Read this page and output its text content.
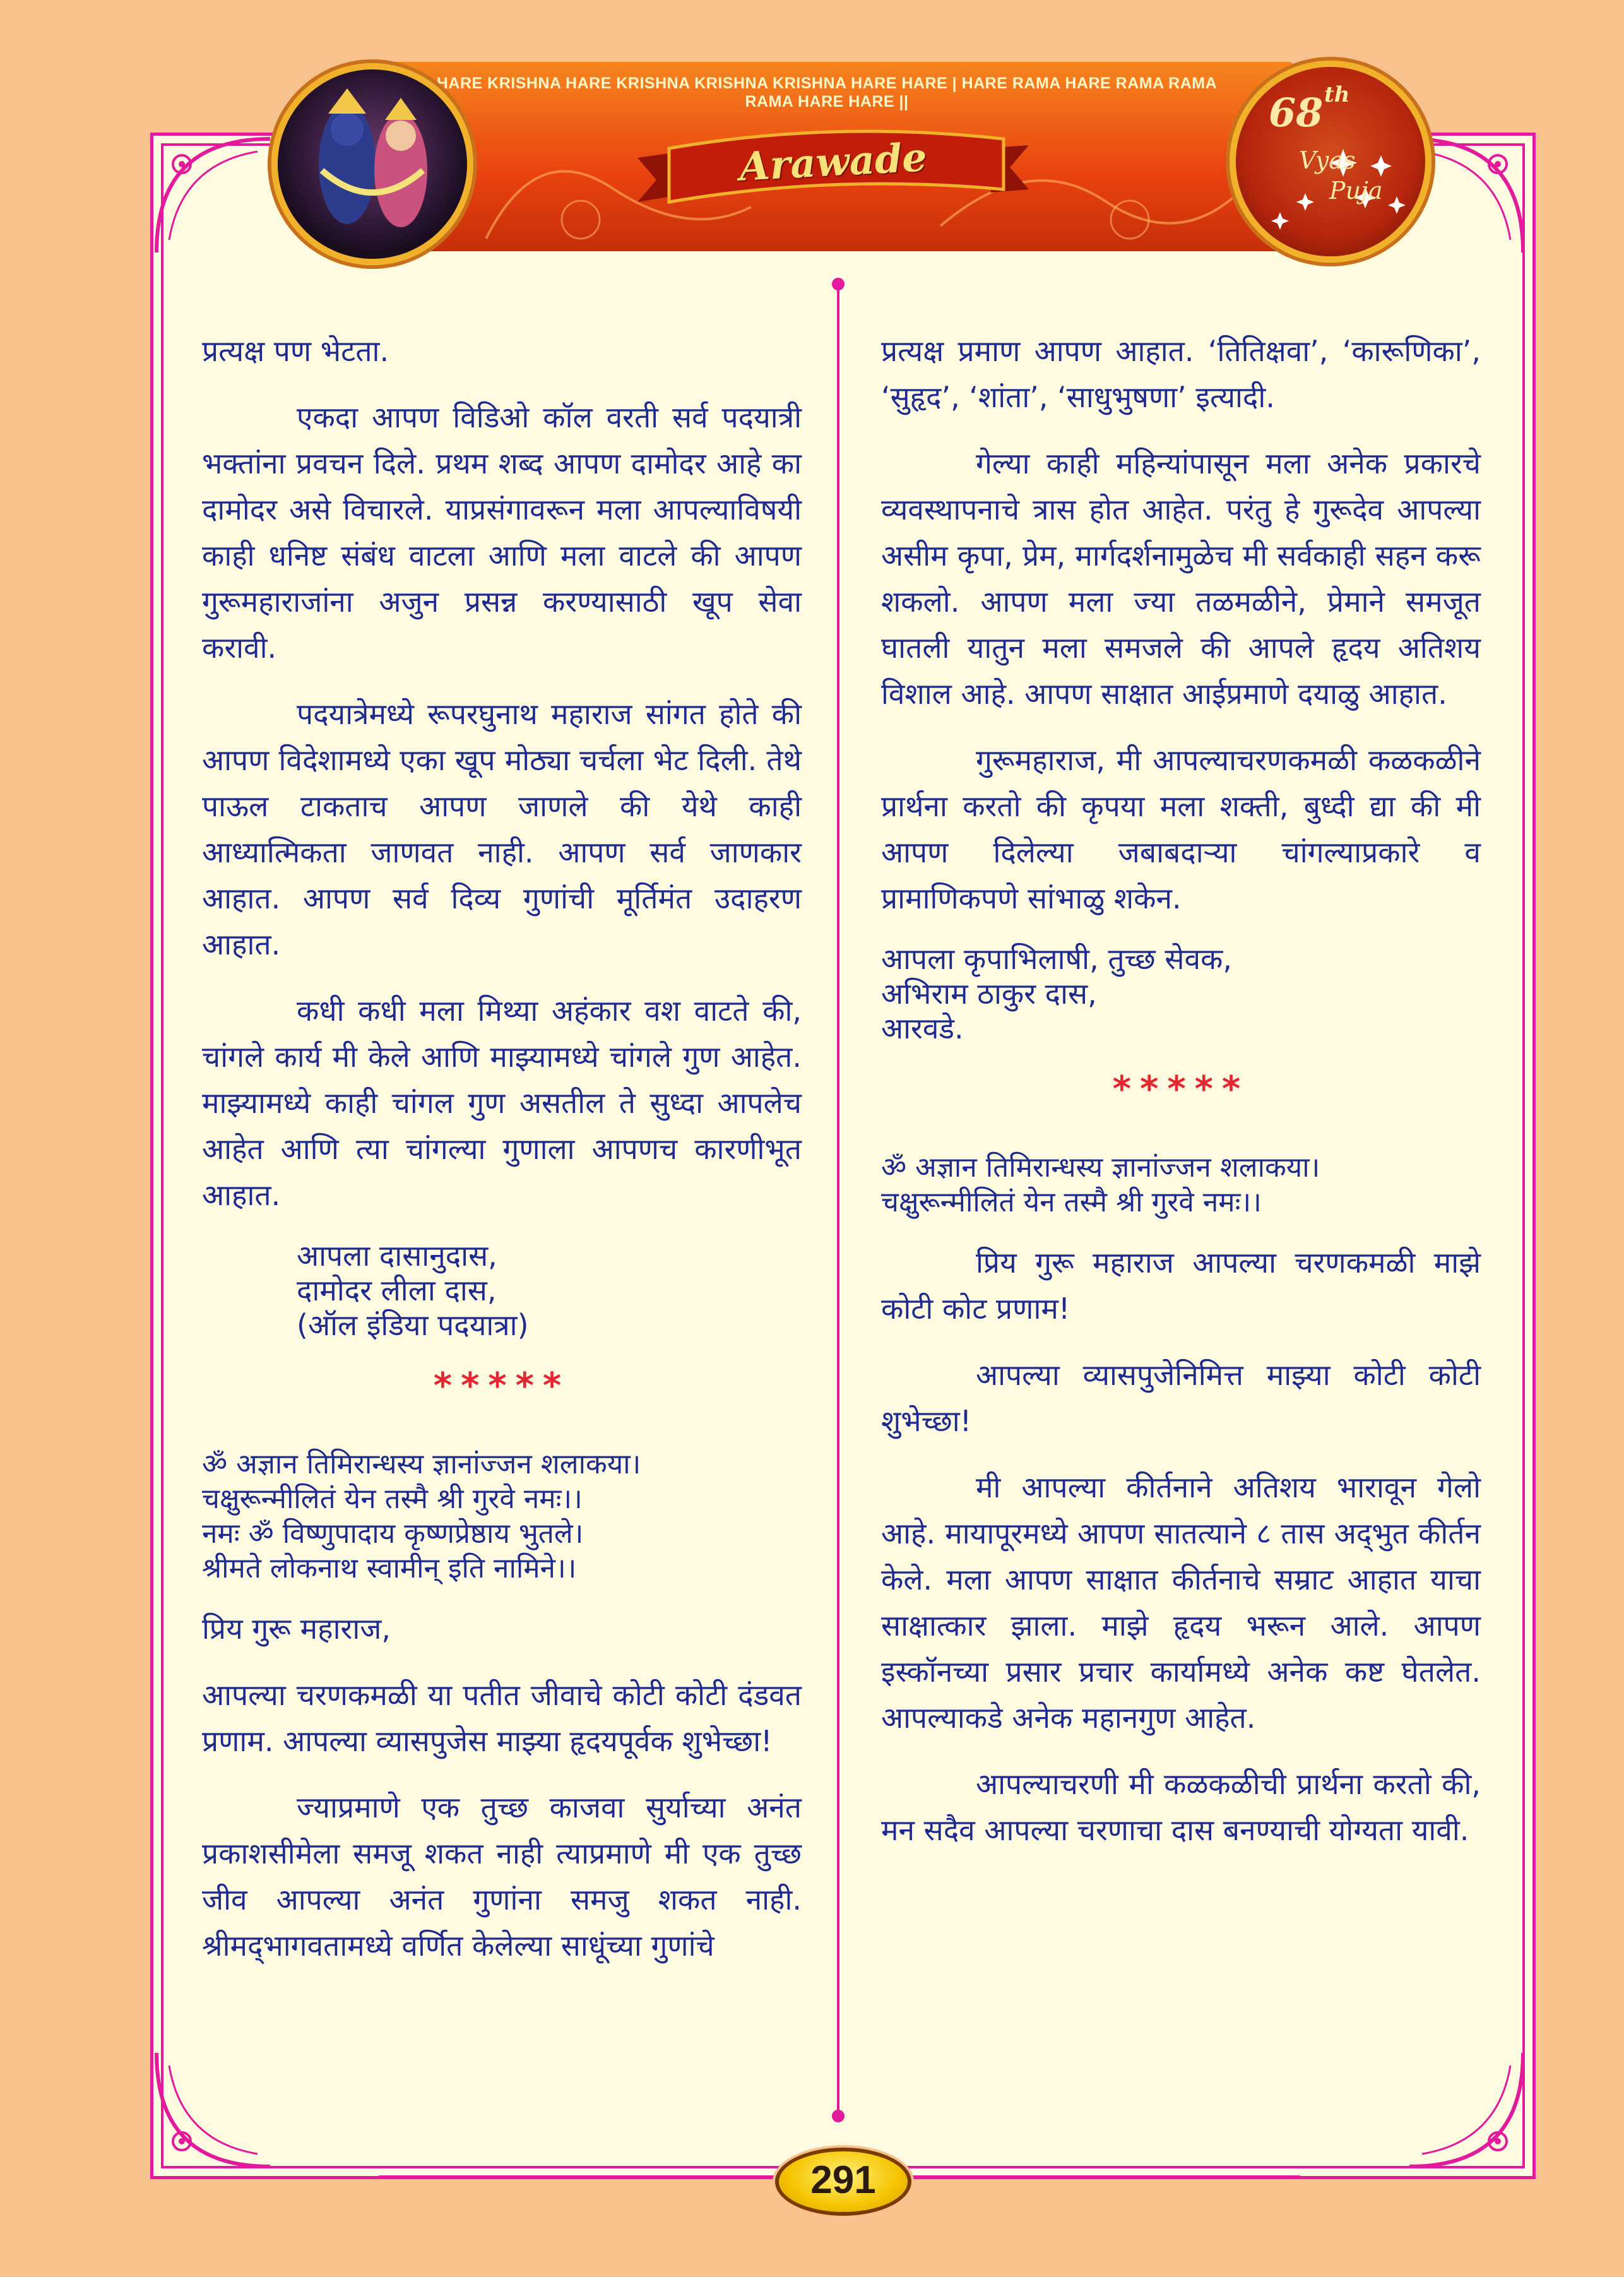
HARE KRISHNA HARE KRISHNA KRISHNA KRISHNA HARE HARE | HARE RAMA HARE RAMA RAMA RAMA HARE HARE ||
Arawade
68 th
Vyas
Puja

प्रत्यक्ष पण भेटता.

एकदा आपण विडिओ कॉल वरती सर्व पदयात्री भक्तांना प्रवचन दिले. प्रथम शब्द आपण दामोदर आहे का दामोदर असे विचारले. याप्रसंगावरून मला आपल्याविषयी काही धनिष्ट संबंध वाटला आणि मला वाटले की आपण गुरूमहाराजांना अजुन प्रसन्न करण्यासाठी खूप सेवा करावी.

पदयात्रेमध्ये रूपरघुनाथ महाराज सांगत होते की आपण विदेशामध्ये एका खूप मोठ्या चर्चला भेट दिली. तेथे पाऊल टाकताच आपण जाणले की येथे काही आध्यात्मिकता जाणवत नाही. आपण सर्व जाणकार आहात. आपण सर्व दिव्य गुणांची मूर्तिमंत उदाहरण आहात.

कधी कधी मला मिथ्या अहंकार वश वाटते की, चांगले कार्य मी केले आणि माझ्यामध्ये चांगले गुण आहेत. माझ्यामध्ये काही चांगल गुण असतील ते सुध्दा आपलेच आहेत आणि त्या चांगल्या गुणाला आपणच कारणीभूत आहात.

आपला दासानुदास,
दामोदर लीला दास,
(ऑल इंडिया पदयात्रा)
*****
ॐ अज्ञान तिमिरान्धस्य ज्ञानांज्जन शलाकया।
चक्षुरून्मीलितं येन तस्मै श्री गुरवे नमः।।
नमः ॐ विष्णुपादाय कृष्णप्रेष्ठाय भुतले।
श्रीमते लोकनाथ स्वामीन् इति नामिने।।

प्रिय गुरू महाराज,

आपल्या चरणकमळी या पतीत जीवाचे कोटी कोटी दंडवत प्रणाम. आपल्या व्यासपुजेस माझ्या हृदयपूर्वक शुभेच्छा!

ज्याप्रमाणे एक तुच्छ काजवा सुर्याच्या अनंत प्रकाशसीमेला समजू शकत नाही त्याप्रमाणे मी एक तुच्छ जीव आपल्या अनंत गुणांना समजु शकत नाही. श्रीमद्‌भागवतामध्ये वर्णित केलेल्या साधूंच्या गुणांचे

प्रत्यक्ष प्रमाण आपण आहात. ‘तितिक्षवा’, ‘कारूणिका’, ‘सुहृद’, ‘शांता’, ‘साधुभुषणा’ इत्यादी.

गेल्या काही महिन्यांपासून मला अनेक प्रकारचे व्यवस्थापनाचे त्रास होत आहेत. परंतु हे गुरूदेव आपल्या असीम कृपा, प्रेम, मार्गदर्शनामुळेच मी सर्वकाही सहन करू शकलो. आपण मला ज्या तळमळीने, प्रेमाने समजूत घातली यातुन मला समजले की आपले हृदय अतिशय विशाल आहे. आपण साक्षात आईप्रमाणे दयाळु आहात.

गुरूमहाराज, मी आपल्याचरणकमळी कळकळीने प्रार्थना करतो की कृपया मला शक्ती, बुध्दी द्या की मी आपण दिलेल्या जबाबदाऱ्या चांगल्याप्रकारे व प्रामाणिकपणे सांभाळु शकेन.

आपला कृपाभिलाषी, तुच्छ सेवक,
अभिराम ठाकुर दास,
आरवडे.
*****
ॐ अज्ञान तिमिरान्धस्य ज्ञानांज्जन शलाकया।
चक्षुरून्मीलितं येन तस्मै श्री गुरवे नमः।।

प्रिय गुरू महाराज आपल्या चरणकमळी माझे कोटी कोट प्रणाम!

आपल्या व्यासपुजेनिमित्त माझ्या कोटी कोटी शुभेच्छा!

मी आपल्या कीर्तनाने अतिशय भारावून गेलो आहे. मायापूरमध्ये आपण सातत्याने ८ तास अद्‌भुत कीर्तन केले. मला आपण साक्षात कीर्तनाचे सम्राट आहात याचा साक्षात्कार झाला. माझे हृदय भरून आले. आपण इस्कॉनच्या प्रसार प्रचार कार्यामध्ये अनेक कष्ट घेतलेत. आपल्याकडे अनेक महानगुण आहेत.

आपल्याचरणी मी कळकळीची प्रार्थना करतो की, मन सदैव आपल्या चरणाचा दास बनण्याची योग्यता यावी.

291
